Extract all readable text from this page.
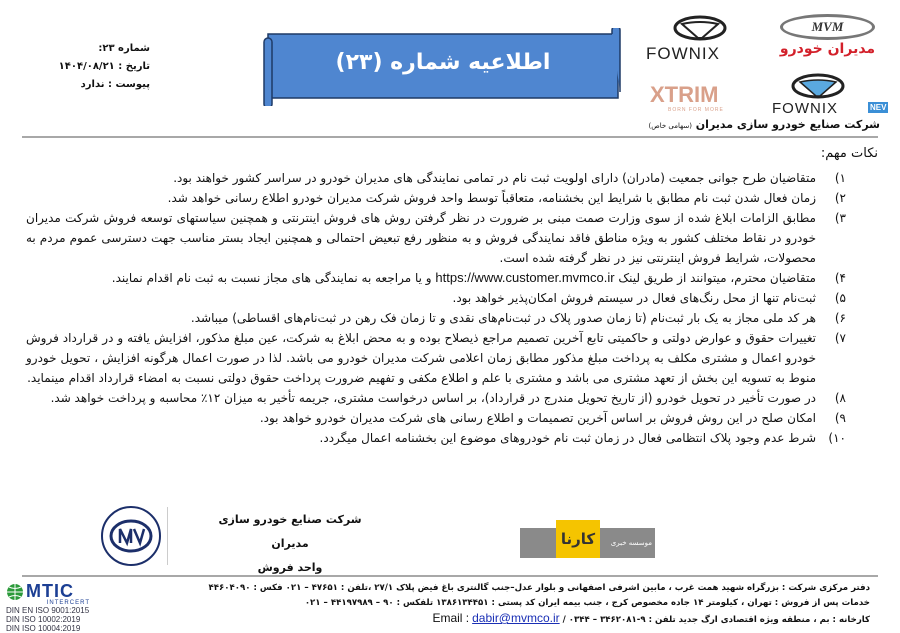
شماره ۲۳:
تاریخ : ۱۴۰۴/۰۸/۲۱
پیوست : ندارد
اطلاعیه شماره (۲۳)
MVM
مدیران خودرو
FOWNIX
XTRIM
BORN FOR MORE	FOWNIX	NEV
شرکت صنایع خودرو سازی مدیران (سهامی خاص)
نکات مهم:
۱)
متقاضیان طرح جوانی جمعیت (مادران) دارای اولویت ثبت نام در تمامی نمایندگی های مدیران خودرو در سراسر کشور خواهند بود.
۲)
زمان فعال شدن ثبت نام مطابق با شرایط این بخشنامه، متعاقباً توسط واحد فروش شرکت مدیران خودرو اطلاع رسانی خواهد شد.
۳)
مطابق الزامات ابلاغ شده از سوی وزارت صمت مبنی بر ضرورت در نظر گرفتن روش های فروش اینترنتی و همچنین سیاستهای توسعه فروش شرکت مدیران خودرو در نقاط مختلف کشور به ویژه مناطق فاقد نمایندگی فروش و به منظور رفع تبعیض احتمالی و همچنین ایجاد بستر مناسب جهت دسترسی عموم مردم به محصولات، شرایط فروش اینترنتی نیز در نظر گرفته شده است.
۴)
متقاضیان محترم، میتوانند از طریق لینک https://www.customer.mvmco.ir و یا مراجعه به نمایندگی های مجاز نسبت به ثبت نام اقدام نمایند.
۵)
ثبت‌نام تنها از محل رنگ‌های فعال در سیستم فروش امکان‌پذیر خواهد بود.
۶)
هر کد ملی مجاز به یک بار ثبت‌نام (تا زمان صدور پلاک در ثبت‌نام‌های نقدی و تا زمان فک رهن در ثبت‌نام‌های اقساطی) میباشد.
۷)
تغییرات حقوق و عوارض دولتی و حاکمیتی تابع آخرین تصمیم مراجع ذیصلاح بوده و به محض ابلاغ به شرکت، عین مبلغ مذکور، افزایش یافته و در قرارداد فروش خودرو اعمال و مشتری مکلف به پرداخت مبلغ مذکور مطابق زمان اعلامی شرکت مدیران خودرو می باشد. لذا در صورت اعمال هرگونه افزایش ، تحویل خودرو منوط به تسویه این بخش از تعهد مشتری می باشد و مشتری با علم و اطلاع مکفی و تفهیم ضرورت پرداخت حقوق دولتی نسبت به امضاء قرارداد اقدام مینماید.
۸)
در صورت تأخیر در تحویل خودرو (از تاریخ تحویل مندرج در قرارداد)، بر اساس درخواست مشتری، جریمه تأخیر به میزان ۱۲٪ محاسبه و پرداخت خواهد شد.
۹)
امکان صلح در این روش فروش بر اساس آخرین تصمیمات و اطلاع رسانی های شرکت مدیران خودرو خواهد بود.
۱۰)
شرط عدم وجود پلاک انتظامی فعال در زمان ثبت نام خودروهای موضوع این بخشنامه اعمال میگردد.
شرکت صنایع خودرو سازی مدیران
واحد فروش
کارنا	موسسه خبری
MTIC
INTERCERT
DIN EN ISO 9001:2015
DIN ISO 10002:2019
DIN ISO 10004:2019
دفتر مرکزی شرکت : بزرگراه شهید همت غرب ، مابین اشرفی اصفهانی و بلوار عدل–جنب گالنتری باغ فیض پلاک ۲۷/۱ ،تلفن : ۴۷۶۵۱ – ۰۲۱ فکس : ۴۴۶۰۴۰۹۰
خدمات پس از فروش : تهران ، کیلومتر ۱۴ جاده مخصوص کرج ، جنب بیمه ایران کد پستی : ۱۳۸۶۱۳۴۴۵۱ تلفکس : ۹۰ – ۴۴۱۹۷۹۸۹ – ۰۲۱
کارخانه : بم ، منطقه ویژه اقتصادی ارگ جدید تلفن : ۹-۳۴۶۲۰۸۱ – ۰۳۴۴ / dabir@mvmco.ir Email :
